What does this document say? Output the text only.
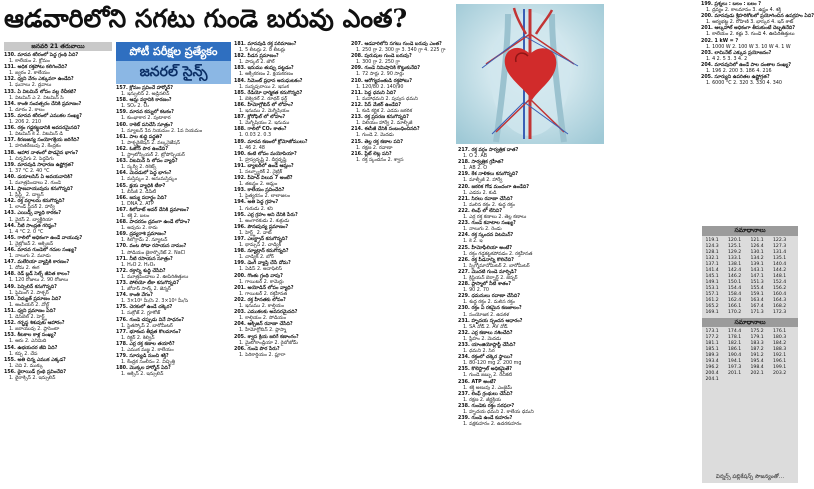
ఆడవారిలోని సగటు గుండె బరువు ఎంత?
జనవరి 21 తరువాయి

130. మానవ శరీరంలో పెద్ద గ్రంథి ఏది?

1. కాలేయం 2. క్లోమం

131. అధిక రక్తపోటు కలిగించేది?

1. జ్వరం 2. కాలేయం

132. ధ్వని వేగం ఎక్కువగా ఉండేది?

1. ఘనాలు 2. ద్రవాలు

133. ఏ విటమిన్ లోపం వల్ల రేచీకటి?

1. విటమిన్ ఎ 2. విటమిన్ సి

134. కాంతి సంవత్సరం దేనికి ప్రమాణం?

1. దూరం 2. కాలం

135. మానవ శరీరంలో ఎముకల సంఖ్య?

1. 206 2. 210

136. రక్తం గడ్డకట్టడానికి అవసరమైనది?

1. విటమిన్ కె 2. విటమిన్ డి

137. కిరణజన్య సంయోగక్రియ జరిగేది?

1. హరితరేణువు 2. కేంద్రకం

138. ఆహార నాళంలో పొడవైన భాగం?

1. చిన్నపేగు 2. పెద్దపేగు

139. మానవుడి సాధారణ ఉష్ణోగ్రత?

1. 37 °C 2. 40 °C

140. డయాలసిస్ ఏ అవయవానికి?

1. మూత్రపిండాలు 2. గుండె

141. ప్రాణవాయువును కనుగొన్నది?

1. ప్రీస్ట్లీ 2. డాల్టన్

142. రక్త వర్గాలను కనుగొన్నది?

1. లాండ్ స్టీనర్ 2. హార్వే

143. ఎయిడ్స్ వ్యాధి కారకం?

1. వైరస్ 2. బ్యాక్టీరియా

144. నీటి సాంద్రత గరిష్ఠం?

1. 4 °C 2. 0 °C

145. గాలిలో అధికంగా ఉండే వాయువు?

1. నైట్రోజన్ 2. ఆక్సిజన్

146. మానవ గుండెలో గదుల సంఖ్య?

1. నాలుగు 2. మూడు

147. మలేరియా వ్యాప్తికి కారణం?

1. దోమ 2. ఈగ

148. రెడ్ బ్లడ్ సెల్స్ జీవిత కాలం?

1. 120 రోజులు 2. 90 రోజులు

149. పెన్సిలిన్ కనుగొన్నది?

1. ఫ్లెమింగ్ 2. పాశ్చర్

150. విద్యుత్ ప్రమాణం ఏది?

1. ఆంపియర్ 2. వోల్ట్

151. ధ్వని ప్రమాణం ఏది?

1. డెసిబెల్ 2. హెర్ట్జ్

152. గర్భస్థ శిశువుకు ఆహారం?

1. జరాయువు 2. ప్లాసెంటా

153. కీటకాల కాళ్ల సంఖ్య?

1. ఆరు 2. ఎనిమిది

154. ఉభయచర జీవి ఏది?

1. కప్ప 2. చేప

155. అతి చిన్న ఎముక ఎక్కడ?

1. చెవి 2. ముక్కు

156. థైరాయిడ్ గ్రంథి స్రవించేది?

1. థైరాక్సిన్ 2. ఇన్సులిన్

పోటీ పరీక్షల ప్రత్యేకం
జనరల్ సైన్స్

157. క్లోమం స్రవించే హార్మోన్?

1. ఇన్సులిన్ 2. అడ్రినలిన్

158. ఆమ్ల వర్షానికి కారణం?

1. SO₂ 2. O₂

159. మానవ కన్నులో కటకం?

1. కుంభాకార 2. పుటాకార

160. రాకెట్ పనిచేసే సూత్రం?

1. న్యూటన్ 3వ నియమం 2. 1వ నియమం

161. పాల శుద్ధి పద్ధతి?

1. పాశ్చరైజేషన్ 2. వల్కనైజేషన్

162. ఓజోన్ పొర ఉండేది?

1. స్ట్రాటోస్ఫియర్ 2. ట్రోపోస్ఫియర్

163. విటమిన్ సి లోపం వ్యాధి?

1. స్కర్వీ 2. రికెట్స్

164. మెదడులో పెద్ద భాగం?

1. మస్తిష్కం 2. అనుమస్తిష్కం

165. క్షయ వ్యాధికి టీకా?

1. బీసీజీ 2. డీపీటీ

166. జన్యు పదార్థం ఏది?

1. DNA 2. ATP

167. కిలోవాట్ అవర్ దేనికి ప్రమాణం?

1. శక్తి 2. బలం

168. పాదరసం ద్రవంగా ఉండే లోహం?

1. అవును 2. కాదు

169. ద్రవ్యరాశి ప్రమాణం?

1. కిలోగ్రామ్ 2. న్యూటన్

170. వంట సోడా రసాయన నామం?

1. సోడియం బైకార్బొనేట్ 2. NaCl

171. నీటి రసాయన సూత్రం?

1. H₂O 2. H₂O₂

172. రక్తాన్ని శుద్ధి చేసేవి?

1. మూత్రపిండాలు 2. ఊపిరితిత్తులు

173. పోలియో టీకా కనుగొన్నది?

1. జోనాస్ సాల్క్ 2. జెన్నర్

174. కాంతి వేగం?

1. 3×10⁸ మీ/సె 2. 3×10⁶ మీ/సె

175. చెరకులో ఉండే చక్కెర?

1. సుక్రోజ్ 2. గ్లూకోజ్

176. గుండె చప్పుడు వినే సాధనం?

1. స్టెతస్కోప్ 2. బారోమీటర్

177. భూకంప తీవ్రత కొలమానం?

1. రిక్టర్ 2. కెల్విన్

178. ఎర్ర రక్త కణాల తయారీ?

1. ఎముక మజ్జ 2. కాలేయం

179. సూర్యుడి నుంచి శక్తి?

1. కేంద్రక సంలీనం 2. విచ్ఛిత్తి

180. మొక్కల హార్మోన్ ఏది?

1. ఆక్సిన్ 2. ఇన్సులిన్

181. మానవుడి రక్త పరిమాణం?

1. 5 లీటర్లు 2. 8 లీటర్లు

182. పీడన ప్రమాణం?

1. పాస్కల్ 2. జౌల్

183. ఇనుము తుప్పు పట్టడం?

1. ఆక్సీకరణం 2. క్షయకరణం

184. సిమెంట్ ప్రధాన అనుఘటకం?

1. సున్నపురాయి 2. ఇసుక

185. రేడియో ధార్మికత కనుగొన్నది?

1. బెక్వెరల్ 2. రూథర్ ఫర్డ్

186. హీమోగ్లోబిన్ లో లోహం?

1. ఇనుము 2. మెగ్నీషియం

187. క్లోరోఫిల్ లో లోహం?

1. మెగ్నీషియం 2. ఇనుము

188. గాలిలో CO₂ శాతం?

1. 0.03 2. 0.3

189. మానవ కణంలో క్రోమోజోములు?

1. 46 2. 48

190. కంటి లోపం మయోపియా?

1. హ్రస్వదృష్టి 2. దీర్ఘదృష్టి

191. బ్యాటరీలో ఉండే ఆమ్లం?

1. సల్ఫ్యూరిక్ 2. నైట్రిక్

192. పీహెచ్ విలువ 7 అంటే?

1. తటస్థం 2. ఆమ్లం

193. కాలేయం స్రవించేది?

1. పైత్యరసం 2. లాలాజలం

194. అతి పెద్ద గ్రహం?

1. గురుడు 2. శని

195. ఎర్ర గ్రహం అని దేనికి పేరు?

1. అంగారకుడు 2. శుక్రుడు

196. పౌనఃపున్య ప్రమాణం?

1. హెర్ట్జ్ 2. వాట్

197. ఎలక్ట్రాన్ కనుగొన్నది?

1. థామ్సన్ 2. చాడ్విక్

198. న్యూట్రాన్ కనుగొన్నది?

1. చాడ్విక్ 2. బోర్

199. డెంగీ వ్యాప్తి చేసే దోమ?

1. ఏడిస్ 2. అనాఫిలిస్

200. గొంతు గ్రంథి వాపు?

1. గాయిటర్ 2. కామెర్లు

201. అయోడిన్ లోపం వ్యాధి?

1. గాయిటర్ 2. రక్తహీనత

202. రక్త హీనతకు లోపం?

1. ఇనుము 2. కాల్షియం

203. ఎముకలకు అవసరమైనది?

1. కాల్షియం 2. సోడియం

204. ఆక్సిజన్ రవాణా చేసేది?

1. హీమోగ్లోబిన్ 2. ప్లాస్మా

205. శ్వాస క్రియ జరిగే కణాంగం?

1. మైటోకాండ్రియా 2. రైబోజోమ్

206. గుండె పొర పేరు?

1. పెరికార్డియం 2. ప్లూరా

207. ఆడవారిలోని సగటు గుండె బరువు ఎంత?

1. 250 గ్రా 2. 300 గ్రా 3. 340 గ్రా 4. 225 గ్రా

208. పురుషుల గుండె బరువు?

1. 300 గ్రా 2. 250 గ్రా

209. గుండె నిమిషానికి కొట్టుకునేది?

1. 72 సార్లు 2. 90 సార్లు

210. ఆరోగ్యవంతుడి రక్తపోటు?

1. 120/80 2. 140/90

211. పెద్ద ధమని ఏది?

1. మహాధమని 2. పుపుస ధమని

212. పేస్ మేకర్ ఉండేది?

1. కుడి కర్ణిక 2. ఎడమ జఠరిక

213. రక్త ప్రసరణ కనుగొన్నది?

1. విలియం హార్వే 2. మాల్పీజీ

214. ఈసీజీ దేనికి సంబంధించినది?

1. గుండె 2. మెదడు

215. తెల్ల రక్త కణాల పని?

1. రక్షణ 2. రవాణా

216. ప్లేట్ లెట్ల పని?

1. రక్త స్కందనం 2. శ్వాస

217. రక్త వర్గం సార్వత్రిక దాత?

1. O 2. AB

218. సార్వత్రిక గ్రహీత?

1. AB 2. O

219. కేశ నాళికలు కనుగొన్నది?

1. మాల్పీజీ 2. హార్వే

220. జఠరిక గోడ మందంగా ఉండేది?

1. ఎడమ 2. కుడి

221. సిరలు రవాణా చేసేది?

1. మలిన రక్తం 2. శుద్ధ రక్తం

222. లింఫ్ లో లేనివి?

1. ఎర్ర రక్త కణాలు 2. తెల్ల కణాలు

223. గుండె కవాటాల సంఖ్య?

1. నాలుగు 2. రెండు

224. రక్త స్కందన విటమిన్?

1. కె 2. ఇ

225. హీమోఫీలియా అంటే?

1. రక్తం గడ్డకట్టకపోవడం 2. రక్తహీనత

226. రక్త పీడనాన్ని కొలిచేది?

1. స్ఫిగ్మోమానోమీటర్ 2. బారోమీటర్

227. మొదటి గుండె మార్పిడి?

1. క్రిస్టియన్ బెర్నార్డ్ 2. జెన్నర్

228. ప్లాస్మాలో నీటి శాతం?

1. 90 2. 70

229. ధమనులు రవాణా చేసేది?

1. శుద్ధ రక్తం 2. మలిన రక్తం

230. రక్తం ఏ రకమైన కణజాలం?

1. సంయోజక 2. ఉపకళ

231. హృదయ స్పందన ఆధారం?

1. SA నోడ్ 2. AV నోడ్

232. ఎర్ర కణాలు నశించేది?

1. ప్లీహం 2. మెదడు

233. యాంజియోప్లాస్టీ చేసేది?

1. ధమని 2. సిర

234. రక్తంలో చక్కెర స్థాయి?

1. 80-120 mg 2. 200 mg

235. కొలెస్ట్రాల్ అధికమైతే?

1. గుండె జబ్బు 2. రేచీకటి

236. ATP అంటే?

1. శక్తి అణువు 2. ఎంజైమ్

237. లింఫ్ గ్రంథులు చేసేవి?

1. రక్షణ 2. జీర్ణక్రియ

238. గుండెకు రక్తం సరఫరా?

1. హృదయ ధమని 2. కాలేయ ధమని

239. గుండె ఉండే కుహరం?

1. వక్షకుహరం 2. ఉదరకుహరం

199. ప్రశ్నలు : బలం : బలం ?

1. ద్రవ్యం 2. కాలమానం 3. ఉష్ణం 4. శక్తి

200. మానవుడు శ్రీహరికోటలో ప్రయోగించిన ఉపగ్రహం ఏది?

1. ఆర్యభట్ట 2. రోహిణి 3. భాస్కర 4. ఇన్ శాట్

201. ఆల్కహాల్ అధికంగా తీసుకుంటే దెబ్బతినేది?

1. కాలేయం 2. కళ్లు 3. గుండె 4. ఊపిరితిత్తులు

202. 1 kW = ?

1. 1000 W 2. 100 W 3. 10 W 4. 1 W

203. లామినేట్ ఎక్కువ ప్రయోజనం?

1. 4 2. 5 3. 3 4. 2

204. మానవునిలో ఉండే పాల దంతాల సంఖ్య?

1. 196 2. 200 3. 186 4. 216

205. సూర్యుని ఉపరితల ఉష్ణోగ్రత?

1. 6000 °C 2. 320 3. 330 4. 340

సమాధానాలు
119.1	120.1	121.1	122.3
124.3	125.1	126.4	127.3
128.1	129.2	130.1	131.4
132.1	133.1	134.2	135.1
137.1	138.1	139.1	140.4
141.4	142.4	143.1	144.2
145.1	146.2	147.1	148.1
149.1	150.1	151.3	152.4
153.1	154.4	155.4	156.2
157.1	158.4	159.1	160.4
161.2	162.4	163.4	164.3
165.2	166.1	167.4	168.2
169.1	170.2	171.3	172.3
సమాధానాలు
173.1	174.4	175.2	176.1
177.2	178.1	179.1	180.3
181.1	182.1	183.3	184.2
185.1	186.1	187.2	188.3
189.3	190.4	191.2	192.1
193.4	194.1	195.4	196.1
196.2	197.3	198.4	199.1
200.4	201.1	202.1	203.2
204.1			
విన్నర్స్ పబ్లికేషన్స్ సౌజన్యంతో...
